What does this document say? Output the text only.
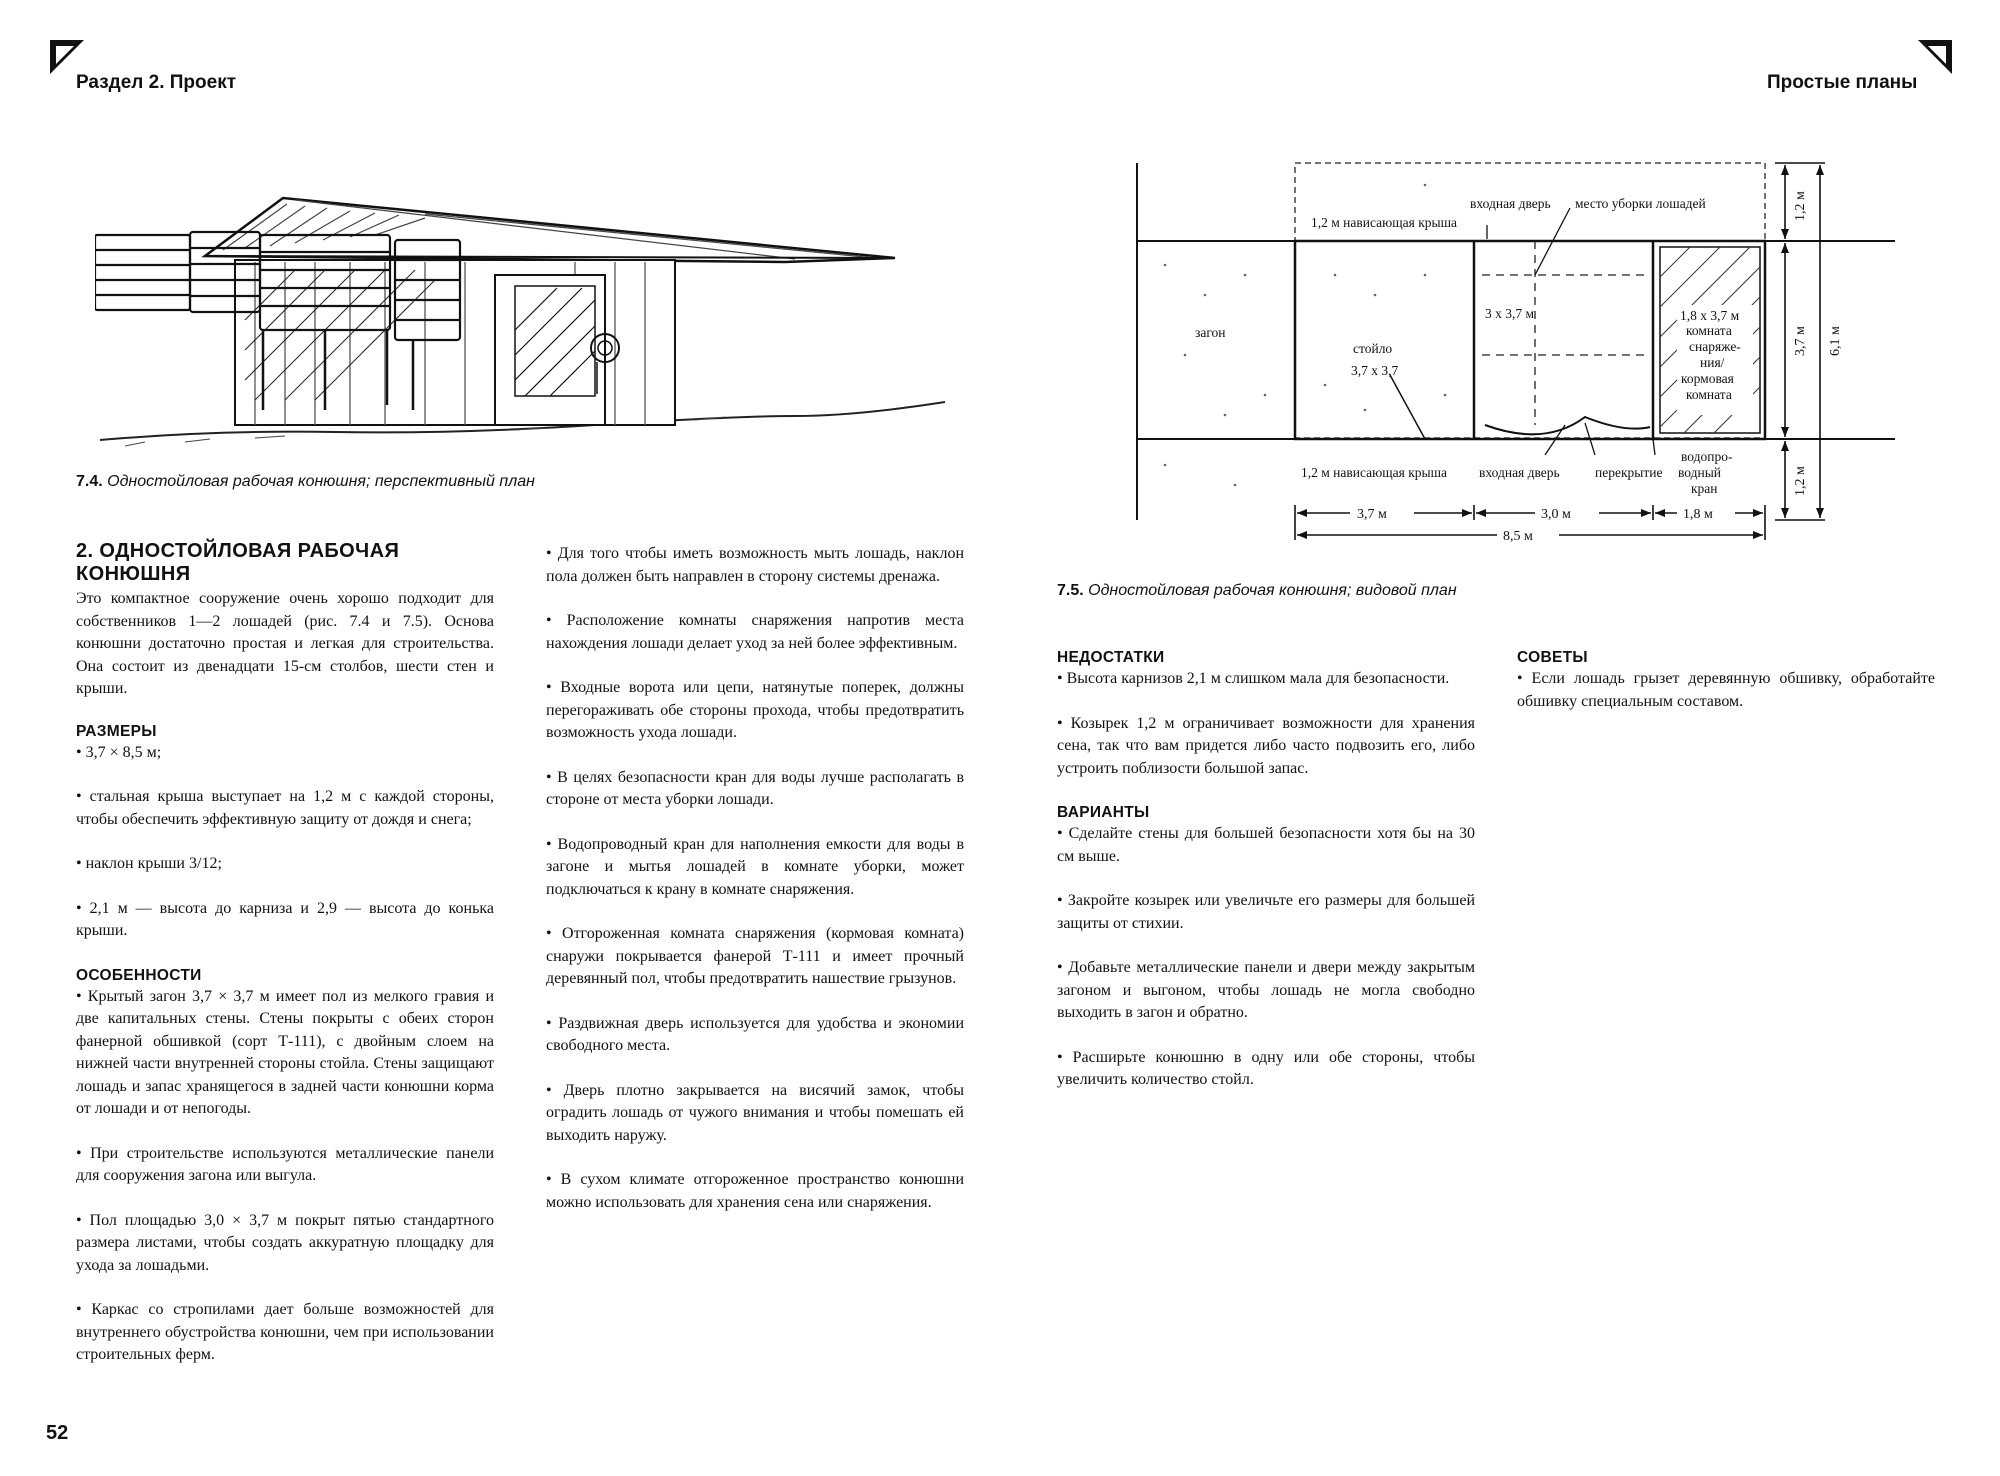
Раздел 2. Проект	Простые планы
7.4. Одностойловая рабочая конюшня; перспективный план
входная дверь место уборки лошадей
1,2 м нависающая крыша
загон
стойло
3,7 x 3,7
3 x 3,7 м	1,8 x 3,7 м
комната
снаряже-
ния/
кормовая
комната
1,2 м нависающая крыша входная дверь	перекрытие
водопро-
водный
кран
3,7 м	3,0 м	1,8 м
8,5 м
1,2 м
3,7 м 6,1 м
1,2 м
7.5. Одностойловая рабочая конюшня; видовой план
2. ОДНОСТОЙЛОВАЯ РАБОЧАЯ
КОНЮШНЯ

Это компактное сооружение очень хорошо подходит для собственников 1—2 лошадей (рис. 7.4 и 7.5). Основа конюшни достаточно простая и легкая для строительства. Она состоит из двенадцати 15-см столбов, шести стен и крыши.

РАЗМЕРЫ

• 3,7 × 8,5 м;

• стальная крыша выступает на 1,2 м с каждой стороны, чтобы обеспечить эффективную защиту от дождя и снега;

• наклон крыши 3/12;

• 2,1 м — высота до карниза и 2,9 — высота до конька крыши.

ОСОБЕННОСТИ

• Крытый загон 3,7 × 3,7 м имеет пол из мелкого гравия и две капитальных стены. Стены покрыты с обеих сторон фанерной обшивкой (сорт Т-111), с двойным слоем на нижней части внутренней стороны стойла. Стены защищают лошадь и запас хранящегося в задней части конюшни корма от лошади и от непогоды.

• При строительстве используются металлические панели для сооружения загона или выгула.

• Пол площадью 3,0 × 3,7 м покрыт пятью стандартного размера листами, чтобы создать аккуратную площадку для ухода за лошадьми.

• Каркас со стропилами дает больше возможностей для внутреннего обустройства конюшни, чем при использовании строительных ферм.

• Для того чтобы иметь возможность мыть лошадь, наклон пола должен быть направлен в сторону системы дренажа.

• Расположение комнаты снаряжения напротив места нахождения лошади делает уход за ней более эффективным.

• Входные ворота или цепи, натянутые поперек, должны перегораживать обе стороны прохода, чтобы предотвратить возможность ухода лошади.

• В целях безопасности кран для воды лучше располагать в стороне от места уборки лошади.

• Водопроводный кран для наполнения емкости для воды в загоне и мытья лошадей в комнате уборки, может подключаться к крану в комнате снаряжения.

• Отгороженная комната снаряжения (кормовая комната) снаружи покрывается фанерой Т-111 и имеет прочный деревянный пол, чтобы предотвратить нашествие грызунов.

• Раздвижная дверь используется для удобства и экономии свободного места.

• Дверь плотно закрывается на висячий замок, чтобы оградить лошадь от чужого внимания и чтобы помешать ей выходить наружу.

• В сухом климате отгороженное пространство конюшни можно использовать для хранения сена или снаряжения.

НЕДОСТАТКИ

• Высота карнизов 2,1 м слишком мала для безопасности.

• Козырек 1,2 м ограничивает возможности для хранения сена, так что вам придется либо часто подвозить его, либо устроить поблизости большой запас.

ВАРИАНТЫ

• Сделайте стены для большей безопасности хотя бы на 30 см выше.

• Закройте козырек или увеличьте его размеры для большей защиты от стихии.

• Добавьте металлические панели и двери между закрытым загоном и выгоном, чтобы лошадь не могла свободно выходить в загон и обратно.

• Расширьте конюшню в одну или обе стороны, чтобы увеличить количество стойл.

СОВЕТЫ

• Если лошадь грызет деревянную обшивку, обработайте обшивку специальным составом.

52
